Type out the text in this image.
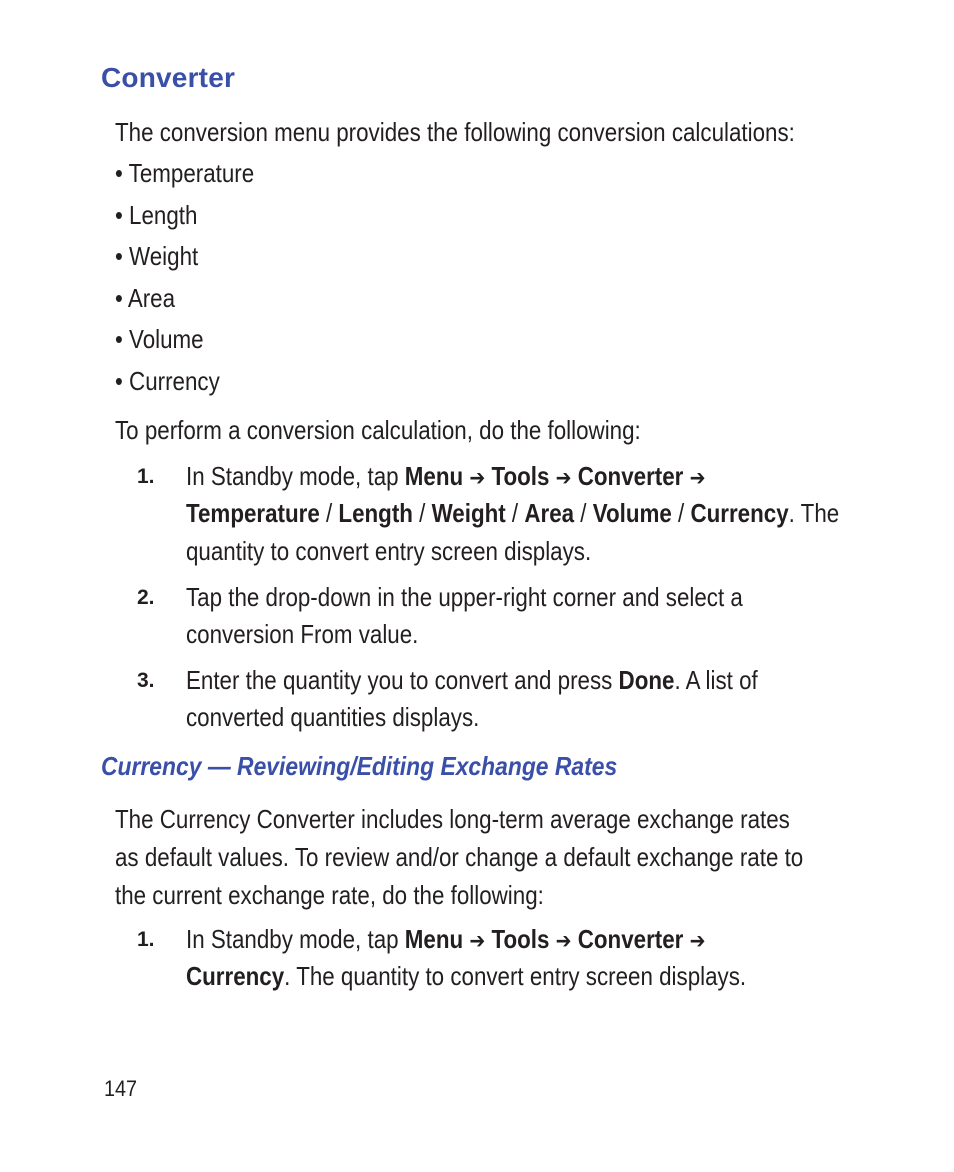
Converter

The conversion menu provides the following conversion calculations:

• Temperature
• Length
• Weight
• Area
• Volume
• Currency

To perform a conversion calculation, do the following:

1. In Standby mode, tap Menu ➔ Tools ➔ Converter ➔
Temperature / Length / Weight / Area / Volume / Currency. The
quantity to convert entry screen displays.
2. Tap the drop-down in the upper-right corner and select a
conversion From value.
3. Enter the quantity you to convert and press Done. A list of
converted quantities displays.
Currency — Reviewing/Editing Exchange Rates

The Currency Converter includes long-term average exchange rates

as default values. To review and/or change a default exchange rate to

the current exchange rate, do the following:

1. In Standby mode, tap Menu ➔ Tools ➔ Converter ➔
Currency. The quantity to convert entry screen displays.

147
